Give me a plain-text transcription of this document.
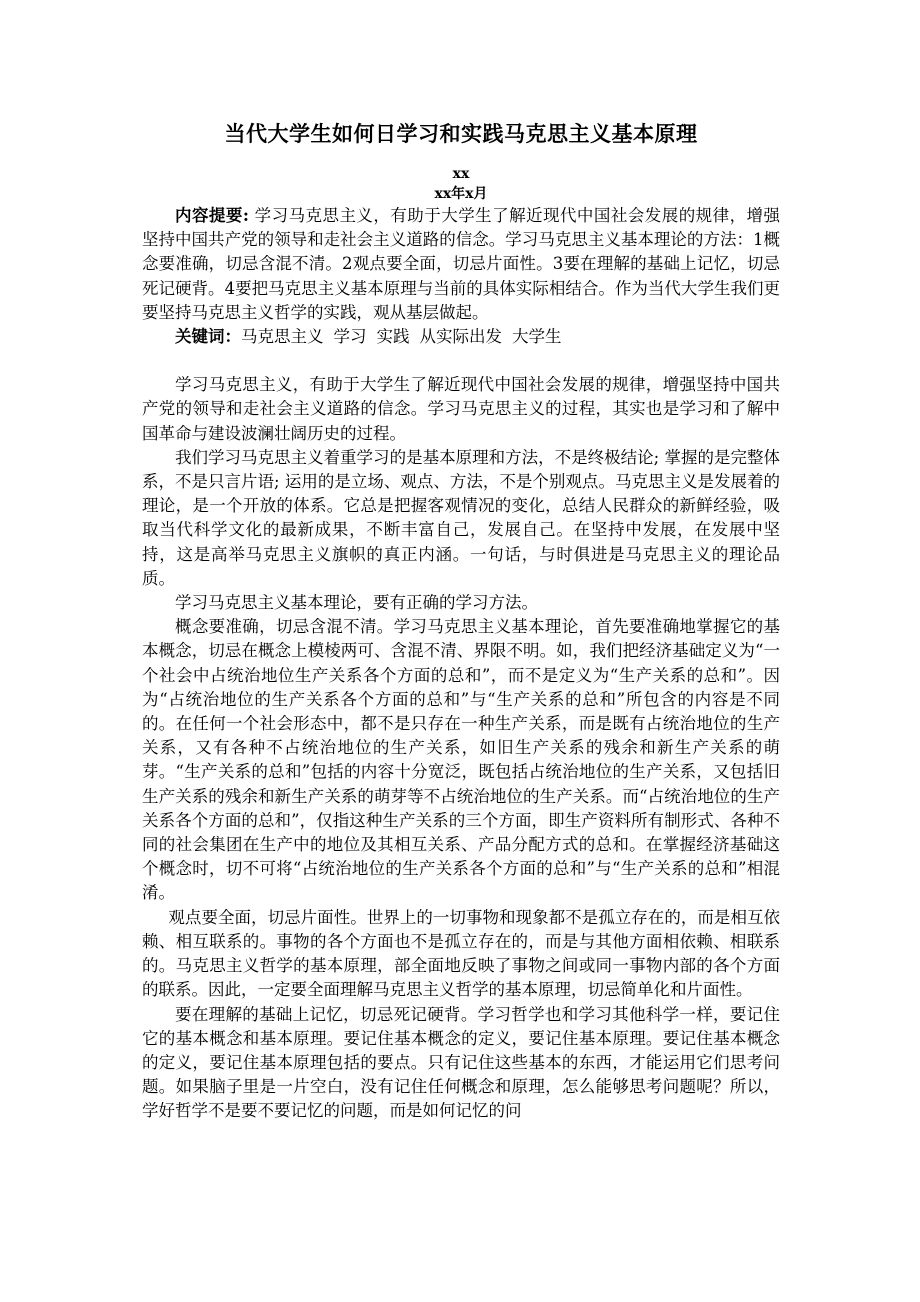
当代大学生如何日学习和实践马克思主义基本原理
xx
xx年x月

内容提要: 学习马克思主义，有助于大学生了解近现代中国社会发展的规律，增强坚持中国共产党的领导和走社会主义道路的信念。学习马克思主义基本理论的方法：1概念要准确，切忌含混不清。2观点要全面，切忌片面性。3要在理解的基础上记忆，切忌死记硬背。4要把马克思主义基本原理与当前的具体实际相结合。作为当代大学生我们更要坚持马克思主义哲学的实践，观从基层做起。

关键词：马克思主义 学习 实践 从实际出发 大学生

学习马克思主义，有助于大学生了解近现代中国社会发展的规律，增强坚持中国共产党的领导和走社会主义道路的信念。学习马克思主义的过程，其实也是学习和了解中国革命与建设波澜壮阔历史的过程。

我们学习马克思主义着重学习的是基本原理和方法，不是终极结论; 掌握的是完整体系，不是只言片语; 运用的是立场、观点、方法，不是个别观点。马克思主义是发展着的理论，是一个开放的体系。它总是把握客观情况的变化，总结人民群众的新鲜经验，吸取当代科学文化的最新成果，不断丰富自己，发展自己。在坚持中发展，在发展中坚持，这是高举马克思主义旗帜的真正内涵。一句话，与时俱进是马克思主义的理论品质。

学习马克思主义基本理论，要有正确的学习方法。

概念要准确，切忌含混不清。学习马克思主义基本理论，首先要准确地掌握它的基本概念，切忌在概念上模棱两可、含混不清、界限不明。如，我们把经济基础定义为“一个社会中占统治地位生产关系各个方面的总和”，而不是定义为“生产关系的总和”。因为“占统治地位的生产关系各个方面的总和”与“生产关系的总和”所包含的内容是不同的。在任何一个社会形态中，都不是只存在一种生产关系，而是既有占统治地位的生产关系，又有各种不占统治地位的生产关系，如旧生产关系的残余和新生产关系的萌芽。“生产关系的总和”包括的内容十分宽泛，既包括占统治地位的生产关系，又包括旧生产关系的残余和新生产关系的萌芽等不占统治地位的生产关系。而“占统治地位的生产关系各个方面的总和”，仅指这种生产关系的三个方面，即生产资料所有制形式、各种不同的社会集团在生产中的地位及其相互关系、产品分配方式的总和。在掌握经济基础这个概念时，切不可将“占统治地位的生产关系各个方面的总和”与“生产关系的总和”相混淆。

观点要全面，切忌片面性。世界上的一切事物和现象都不是孤立存在的，而是相互依赖、相互联系的。事物的各个方面也不是孤立存在的，而是与其他方面相依赖、相联系的。马克思主义哲学的基本原理，部全面地反映了事物之间或同一事物内部的各个方面的联系。因此，一定要全面理解马克思主义哲学的基本原理，切忌简单化和片面性。

要在理解的基础上记忆，切忌死记硬背。学习哲学也和学习其他科学一样，要记住它的基本概念和基本原理。要记住基本概念的定义，要记住基本原理。要记住基本概念的定义，要记住基本原理包括的要点。只有记住这些基本的东西，才能运用它们思考问题。如果脑子里是一片空白，没有记住任何概念和原理，怎么能够思考问题呢？所以，学好哲学不是要不要记忆的问题，而是如何记忆的问
